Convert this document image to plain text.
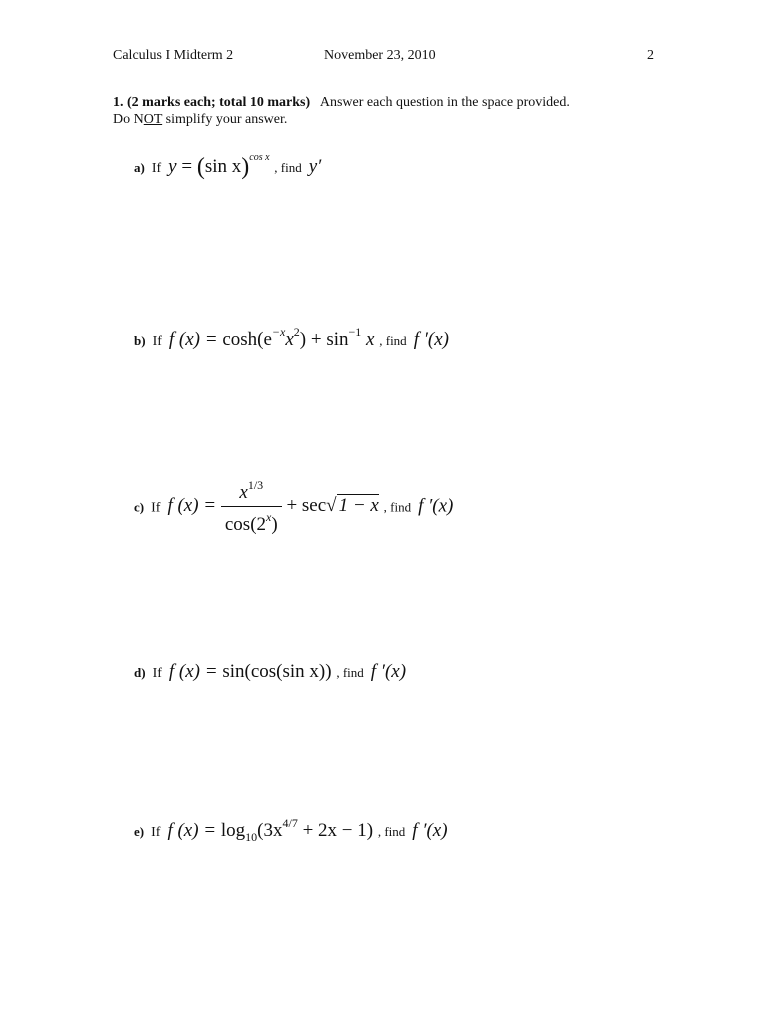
Calculus I Midterm 2	November 23, 2010	2
1. (2 marks each; total 10 marks) Answer each question in the space provided.
Do NOT simplify your answer.
a) If y = (sin x)$^{cos x}$ , find y′
b) If f $(x) = \cosh(e^{-x}x^2) + \sin^{-1} x$ , find f ′(x)
c) If f $(x) = \frac{x^{1/3}}{\cos(2^x)} + \sec√$ 1 − x , find f ′(x)
d) If f (x) = sin(cos(sin x)) , find f ′(x)
e) If f $(x) = \log_{10}(3x^{4/7} + 2x - 1)$ , find f ′(x)
